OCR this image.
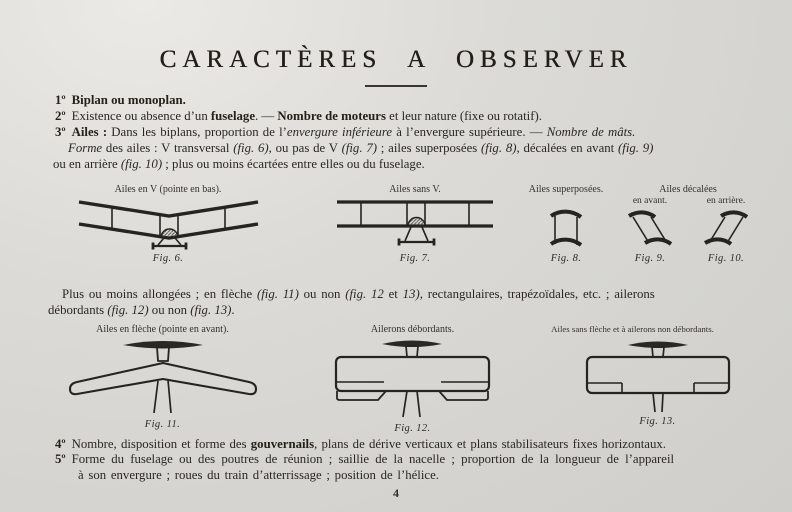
CARACTÈRES A OBSERVER
1º Biplan ou monoplan.
2º Existence ou absence d’un fuselage. — Nombre de moteurs et leur nature (fixe ou rotatif).
3º Ailes : Dans les biplans, proportion de l’envergure inférieure à l’envergure supérieure. — Nombre de mâts.
Forme des ailes : V transversal (fig. 6), ou pas de V (fig. 7) ; ailes superposées (fig. 8), décalées en avant (fig. 9)
ou en arrière (fig. 10) ; plus ou moins écartées entre elles ou du fuselage.
Ailes en V (pointe en bas).
Fig. 6.
Ailes sans V.
Fig. 7.
Ailes superposées.
Fig. 8.
Ailes décalées
en avant.
Fig. 9.
en arrière.
Fig. 10.
Plus ou moins allongées ; en flèche (fig. 11) ou non (fig. 12 et 13), rectangulaires, trapézoïdales, etc. ; ailerons
débordants (fig. 12) ou non (fig. 13).
Ailes en flèche (pointe en avant).
Fig. 11.
Ailerons débordants.
Fig. 12.
Ailes sans flèche et à ailerons non débordants.
Fig. 13.
4º Nombre, disposition et forme des gouvernails, plans de dérive verticaux et plans stabilisateurs fixes horizontaux.
5º Forme du fuselage ou des poutres de réunion ; saillie de la nacelle ; proportion de la longueur de l’appareil
à son envergure ; roues du train d’atterrissage ; position de l’hélice.
4
